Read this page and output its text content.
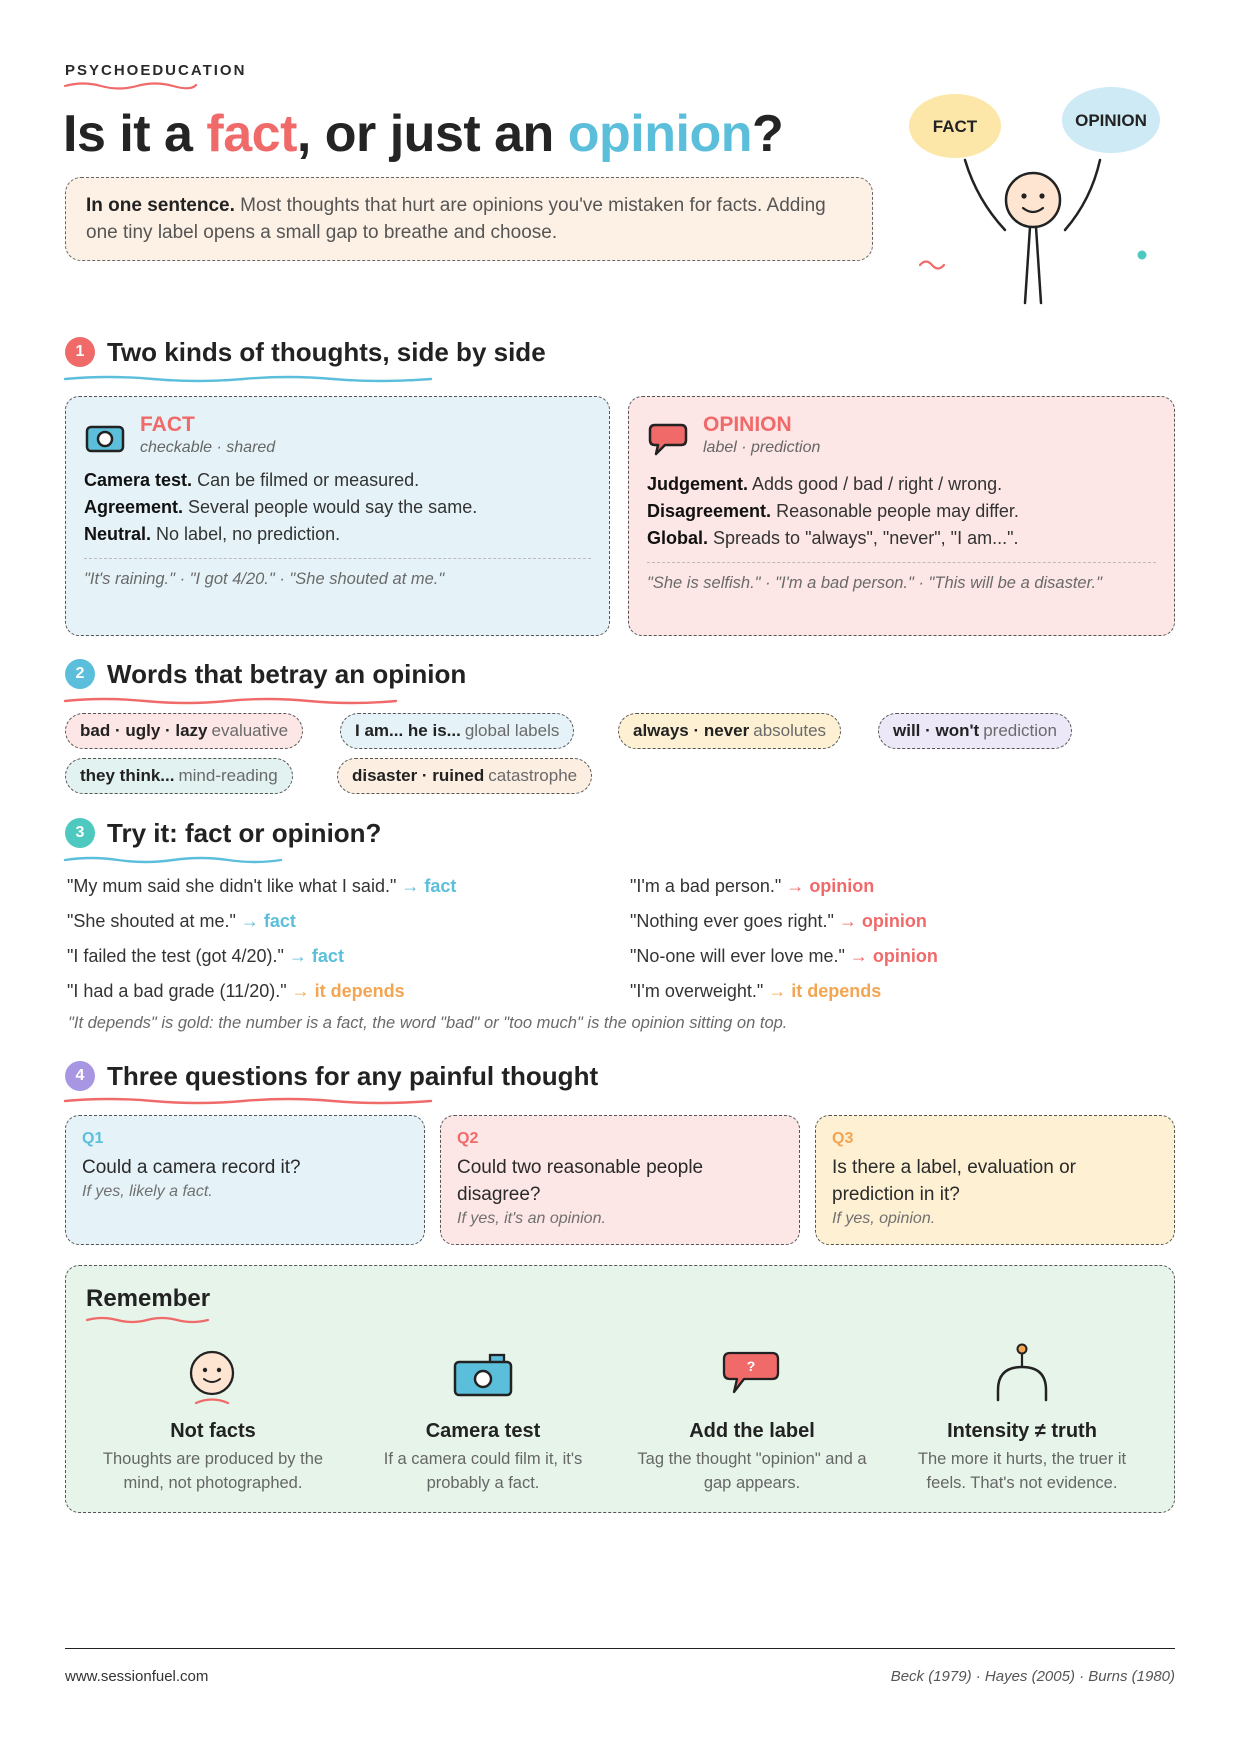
PSYCHOEDUCATION
Is it a fact, or just an opinion?
In one sentence. Most thoughts that hurt are opinions you've mistaken for facts. Adding one tiny label opens a small gap to breathe and choose.
FACT	OPINION
1 Two kinds of thoughts, side by side
FACT
checkable · shared
Camera test. Can be filmed or measured.
Agreement. Several people would say the same.
Neutral. No label, no prediction.
"It's raining." · "I got 4/20." · "She shouted at me."
OPINION
label · prediction
Judgement. Adds good / bad / right / wrong.
Disagreement. Reasonable people may differ.
Global. Spreads to "always", "never", "I am...".
"She is selfish." · "I'm a bad person." · "This will be a disaster."
2 Words that betray an opinion
bad · ugly · lazy evaluative	I am... he is... global labels	always · never absolutes	will · won't prediction
they think... mind-reading	disaster · ruined catastrophe
3 Try it: fact or opinion?
"My mum said she didn't like what I said." → fact
"She shouted at me." → fact
"I failed the test (got 4/20)." → fact
"I had a bad grade (11/20)." → it depends
"I'm a bad person." → opinion
"Nothing ever goes right." → opinion
"No-one will ever love me." → opinion
"I'm overweight." → it depends
"It depends" is gold: the number is a fact, the word "bad" or "too much" is the opinion sitting on top.
4 Three questions for any painful thought
Q1
Could a camera record it?
If yes, likely a fact.
Q2
Could two reasonable people disagree?
If yes, it's an opinion.
Q3
Is there a label, evaluation or prediction in it?
If yes, opinion.
Remember
?
Not facts
Thoughts are produced by the mind, not photographed.
Camera test
If a camera could film it, it's probably a fact.
Add the label
Tag the thought "opinion" and a gap appears.
Intensity ≠ truth
The more it hurts, the truer it feels. That's not evidence.
www.sessionfuel.com	Beck (1979) · Hayes (2005) · Burns (1980)
